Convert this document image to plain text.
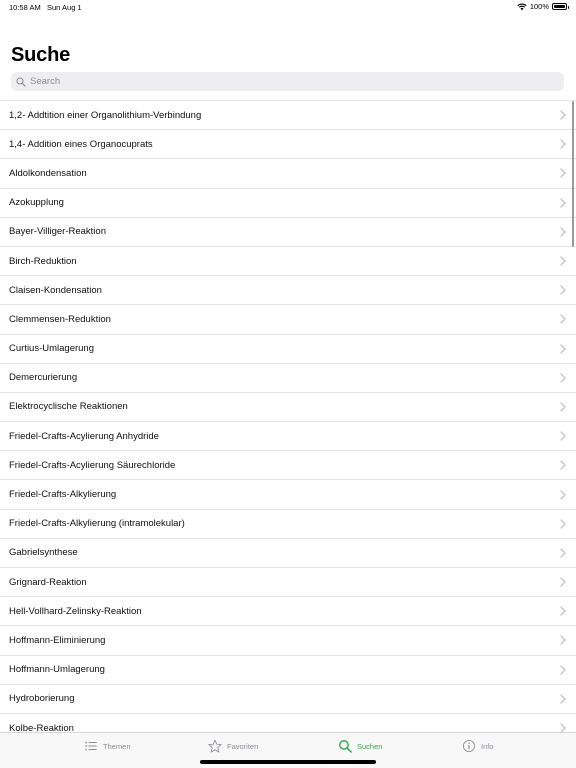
10:58 AM Sun Aug 1	100%
Suche
Search
1,2- Addtition einer Organolithium-Verbindung
1,4- Addition eines Organocuprats
Aldolkondensation
Azokupplung
Bayer-Villiger-Reaktion
Birch-Reduktion
Claisen-Kondensation
Clemmensen-Reduktion
Curtius-Umlagerung
Demercurierung
Elektrocyclische Reaktionen
Friedel-Crafts-Acylierung Anhydride
Friedel-Crafts-Acylierung Säurechloride
Friedel-Crafts-Alkylierung
Friedel-Crafts-Alkylierung (intramolekular)
Gabrielsynthese
Grignard-Reaktion
Hell-Vollhard-Zelinsky-Reaktion
Hoffmann-Eliminierung
Hoffmann-Umlagerung
Hydroborierung
Kolbe-Reaktion
Themen	Favoriten	Suchen	Info
